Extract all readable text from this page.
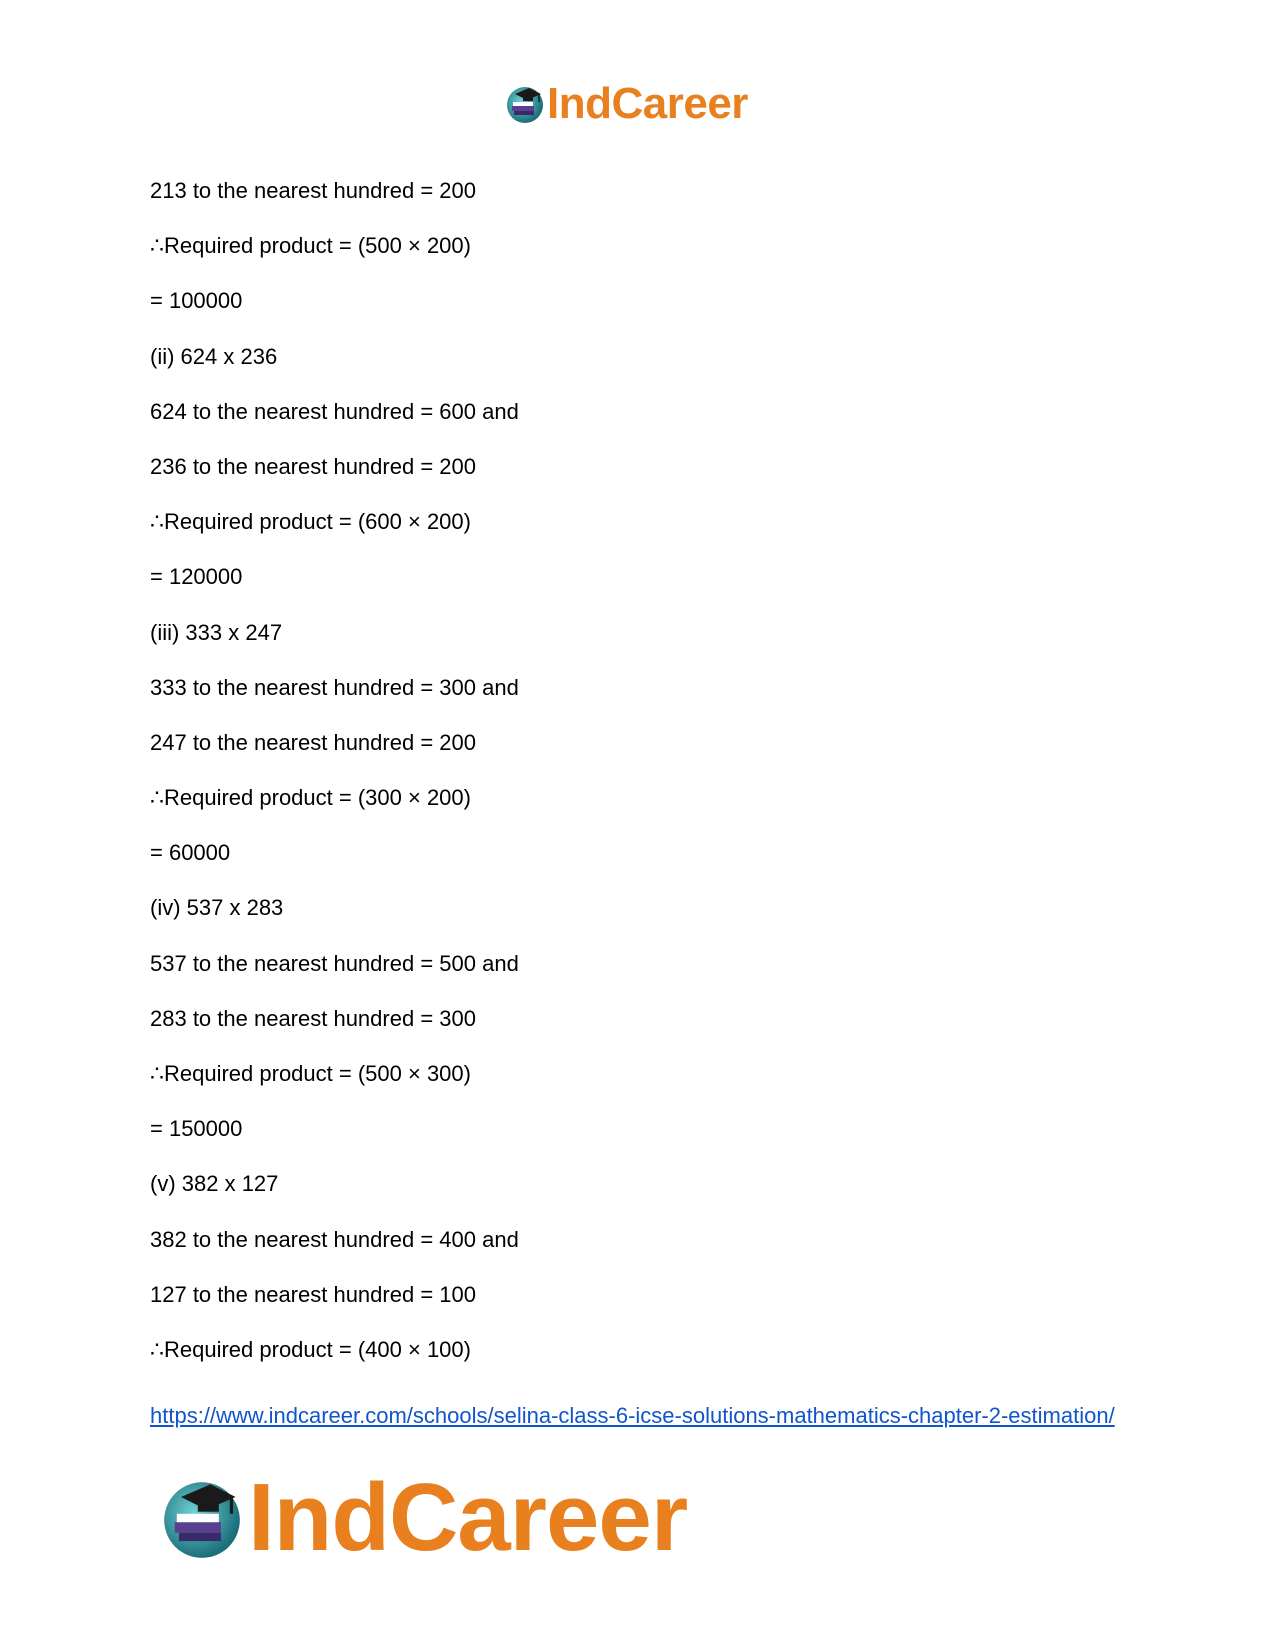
IndCareer
213 to the nearest hundred = 200
∴Required product = (500 × 200)
= 100000
(ii) 624 x 236
624 to the nearest hundred = 600 and
236 to the nearest hundred = 200
∴Required product = (600 × 200)
= 120000
(iii) 333 x 247
333 to the nearest hundred = 300 and
247 to the nearest hundred = 200
∴Required product = (300 × 200)
= 60000
(iv) 537 x 283
537 to the nearest hundred = 500 and
283 to the nearest hundred = 300
∴Required product = (500 × 300)
= 150000
(v) 382 x 127
382 to the nearest hundred = 400 and
127 to the nearest hundred = 100
∴Required product = (400 × 100)
https://www.indcareer.com/schools/selina-class-6-icse-solutions-mathematics-chapter-2-estimation/
IndCareer
